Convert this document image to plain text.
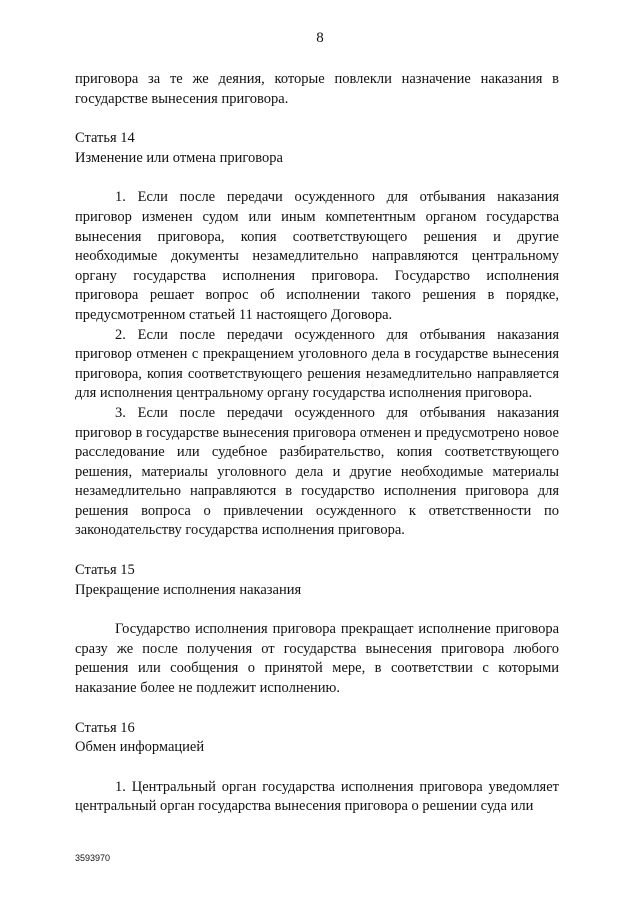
8

приговора за те же деяния, которые повлекли назначение наказания в государстве вынесения приговора.

Статья 14

Изменение или отмена приговора

1. Если после передачи осужденного для отбывания наказания приговор изменен судом или иным компетентным органом государства вынесения приговора, копия соответствующего решения и другие необходимые документы незамедлительно направляются центральному органу государства исполнения приговора. Государство исполнения приговора решает вопрос об исполнении такого решения в порядке, предусмотренном статьей 11 настоящего Договора.

2. Если после передачи осужденного для отбывания наказания приговор отменен с прекращением уголовного дела в государстве вынесения приговора, копия соответствующего решения незамедлительно направляется для исполнения центральному органу государства исполнения приговора.

3. Если после передачи осужденного для отбывания наказания приговор в государстве вынесения приговора отменен и предусмотрено новое расследование или судебное разбирательство, копия соответствующего решения, материалы уголовного дела и другие необходимые материалы незамедлительно направляются в государство исполнения приговора для решения вопроса о привлечении осужденного к ответственности по законодательству государства исполнения приговора.

Статья 15

Прекращение исполнения наказания

Государство исполнения приговора прекращает исполнение приговора сразу же после получения от государства вынесения приговора любого решения или сообщения о принятой мере, в соответствии с которыми наказание более не подлежит исполнению.

Статья 16

Обмен информацией

1. Центральный орган государства исполнения приговора уведомляет центральный орган государства вынесения приговора о решении суда или

3593970
